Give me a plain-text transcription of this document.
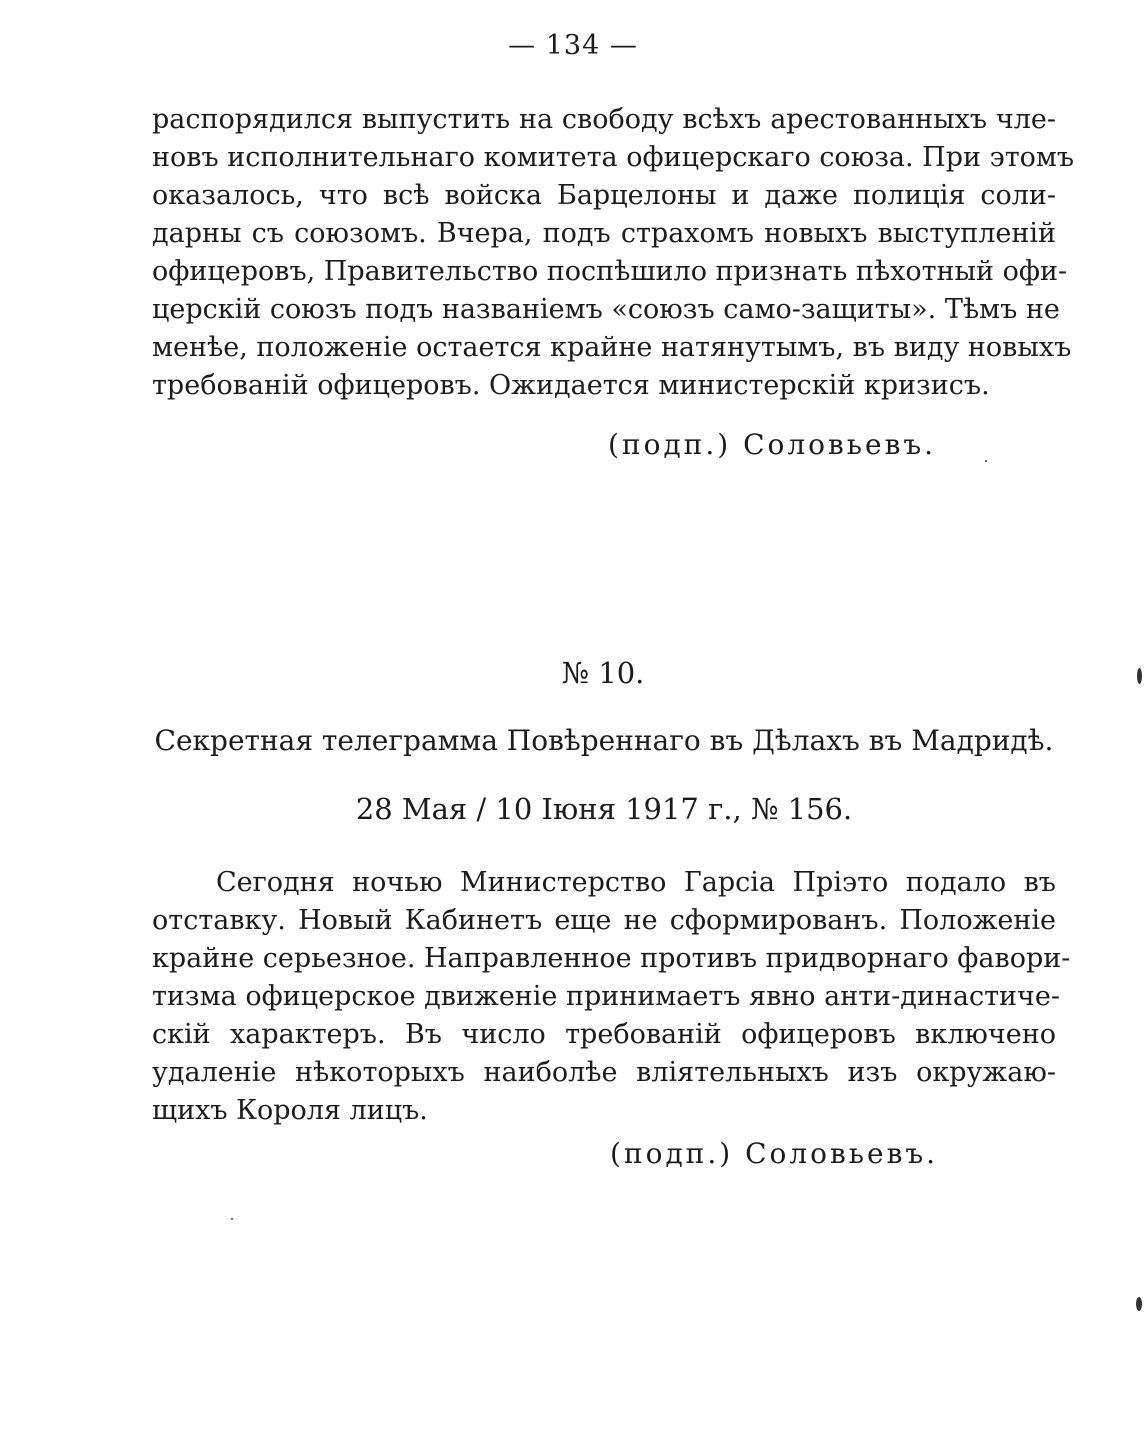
— 134 —
распорядился выпустить на свободу всѣхъ арестованныхъ чле-
новъ исполнительнаго комитета офицерскаго союза. При этомъ
оказалось, что всѣ войска Барцелоны и даже полиція соли-
дарны съ союзомъ. Вчера, подъ страхомъ новыхъ выступленій
офицеровъ, Правительство поспѣшило признать пѣхотный офи-
церскій союзъ подъ названіемъ «союзъ само-защиты». Тѣмъ не
менѣе, положеніе остается крайне натянутымъ, въ виду новыхъ
требованій офицеровъ. Ожидается министерскій кризисъ.
(подп.) Соловьевъ.
№ 10.
Секретная телеграмма Повѣреннаго въ Дѣлахъ въ Мадридѣ.
28 Мая / 10 Іюня 1917 г., № 156.
Сегодня ночью Министерство Гарсіа Пріэто подало въ
отставку. Новый Кабинетъ еще не сформированъ. Положеніе
крайне серьезное. Направленное противъ придворнаго фавори-
тизма офицерское движеніе принимаетъ явно анти-династиче-
скій характеръ. Въ число требованій офицеровъ включено
удаленіе нѣкоторыхъ наиболѣе вліятельныхъ изъ окружаю-
щихъ Короля лицъ.
(подп.) Соловьевъ.
